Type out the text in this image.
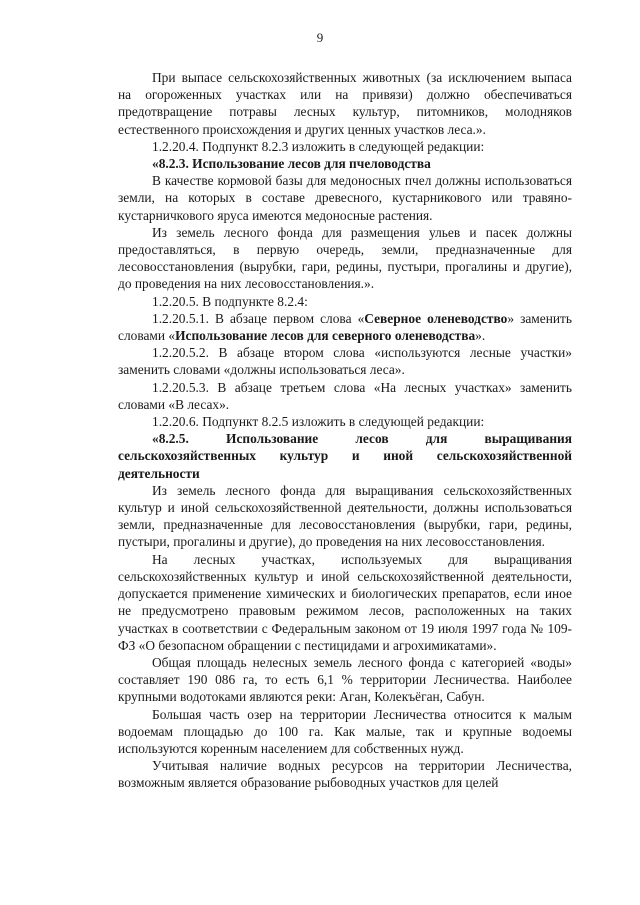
9

При выпасе сельскохозяйственных животных (за исключением выпаса на огороженных участках или на привязи) должно обеспечиваться предотвращение потравы лесных культур, питомников, молодняков естественного происхождения и других ценных участков леса.».

1.2.20.4. Подпункт 8.2.3 изложить в следующей редакции:

«8.2.3. Использование лесов для пчеловодства

В качестве кормовой базы для медоносных пчел должны использоваться земли, на которых в составе древесного, кустарникового или травяно-кустарничкового яруса имеются медоносные растения.

Из земель лесного фонда для размещения ульев и пасек должны предоставляться, в первую очередь, земли, предназначенные для лесовосстановления (вырубки, гари, редины, пустыри, прогалины и другие), до проведения на них лесовосстановления.».

1.2.20.5. В подпункте 8.2.4:

1.2.20.5.1. В абзаце первом слова «Северное оленеводство» заменить словами «Использование лесов для северного оленеводства».

1.2.20.5.2. В абзаце втором слова «используются лесные участки» заменить словами «должны использоваться леса».

1.2.20.5.3. В абзаце третьем слова «На лесных участках» заменить словами «В лесах».

1.2.20.6. Подпункт 8.2.5 изложить в следующей редакции:

«8.2.5. Использование лесов для выращивания сельскохозяйственных культур и иной сельскохозяйственной деятельности

Из земель лесного фонда для выращивания сельскохозяйственных культур и иной сельскохозяйственной деятельности, должны использоваться земли, предназначенные для лесовосстановления (вырубки, гари, редины, пустыри, прогалины и другие), до проведения на них лесовосстановления.

На лесных участках, используемых для выращивания сельскохозяйственных культур и иной сельскохозяйственной деятельности, допускается применение химических и биологических препаратов, если иное не предусмотрено правовым режимом лесов, расположенных на таких участках в соответствии с Федеральным законом от 19 июля 1997 года № 109-ФЗ «О безопасном обращении с пестицидами и агрохимикатами».

Общая площадь нелесных земель лесного фонда с категорией «воды» составляет 190 086 га, то есть 6,1 % территории Лесничества. Наиболее крупными водотоками являются реки: Аган, Колекъёган, Сабун.

Большая часть озер на территории Лесничества относится к малым водоемам площадью до 100 га. Как малые, так и крупные водоемы используются коренным населением для собственных нужд.

Учитывая наличие водных ресурсов на территории Лесничества, возможным является образование рыбоводных участков для целей
